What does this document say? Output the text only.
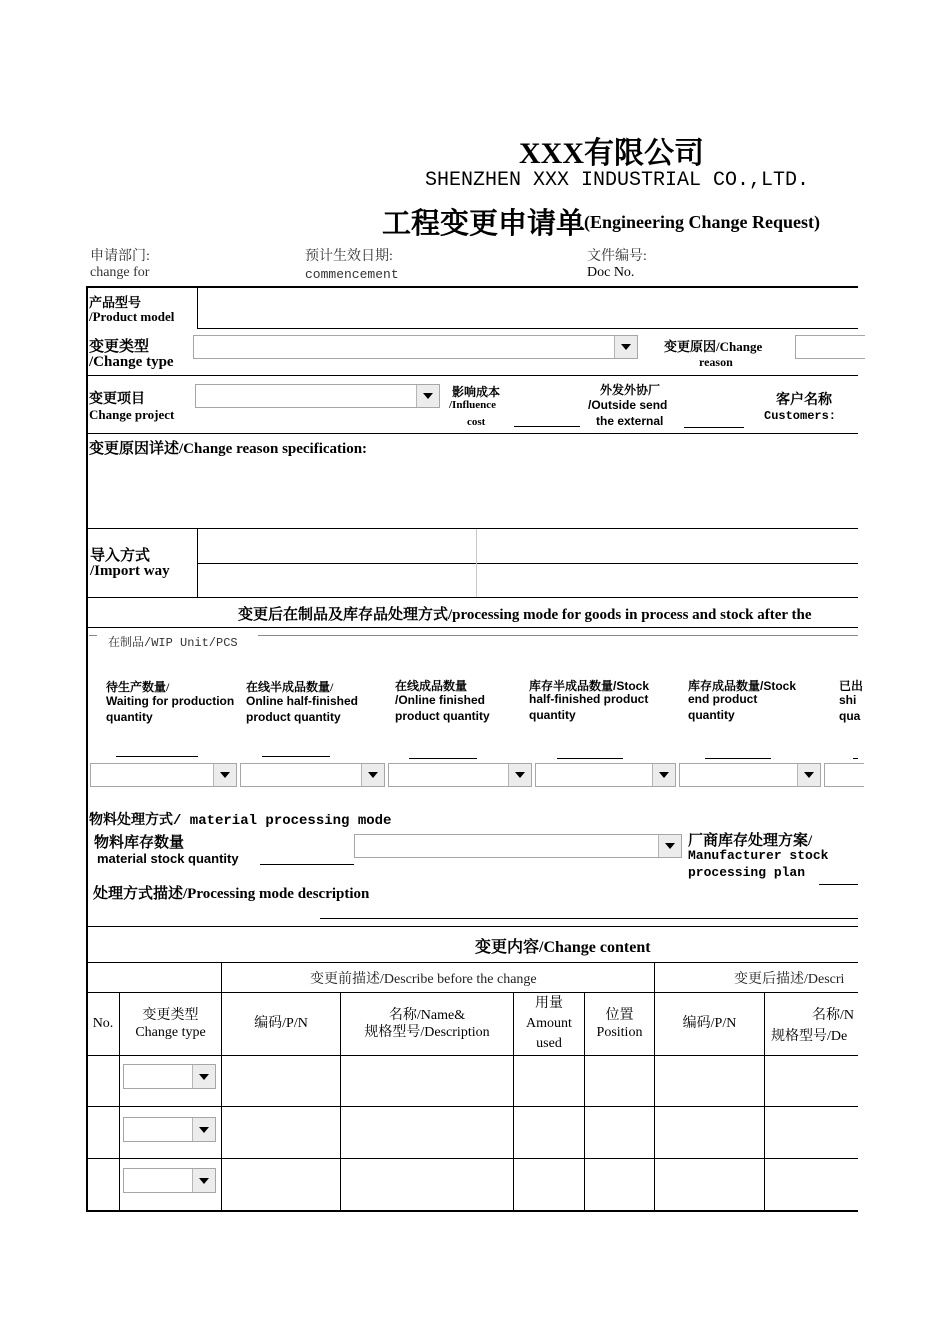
XXX有限公司
SHENZHEN XXX INDUSTRIAL CO.,LTD.
工程变更申请单
(Engineering Change Request)
申请部门:
change for
预计生效日期:
commencement
文件编号:
Doc No.
产品型号
/Product model
变更类型
/Change type
变更原因/Change
reason
变更项目
Change project
影响成本
/Influence
cost
外发外协厂
/Outside send
the external
客户名称
Customers:
变更原因详述/Change reason specification:
导入方式
/Import way
变更后在制品及库存品处理方式/processing mode for goods in process and stock after the
在制品/WIP Unit/PCS
待生产数量/
Waiting for production
quantity
在线半成品数量/
Online half-finished
product quantity
在线成品数量
/Online finished
product quantity
库存半成品数量/Stock
half-finished product
quantity
库存成品数量/Stock
end product
quantity
已出
shi
qua
物料处理方式/ material processing mode
物料库存数量
material stock quantity
厂商库存处理方案/
Manufacturer stock
processing plan
处理方式描述/Processing mode description
变更内容/Change content
变更前描述/Describe before the change	变更后描述/Descri
No.
变更类型
Change type
编码/P/N
名称/Name&
规格型号/Description
用量
Amount
used
位置
Position
编码/P/N
名称/N
规格型号/De
